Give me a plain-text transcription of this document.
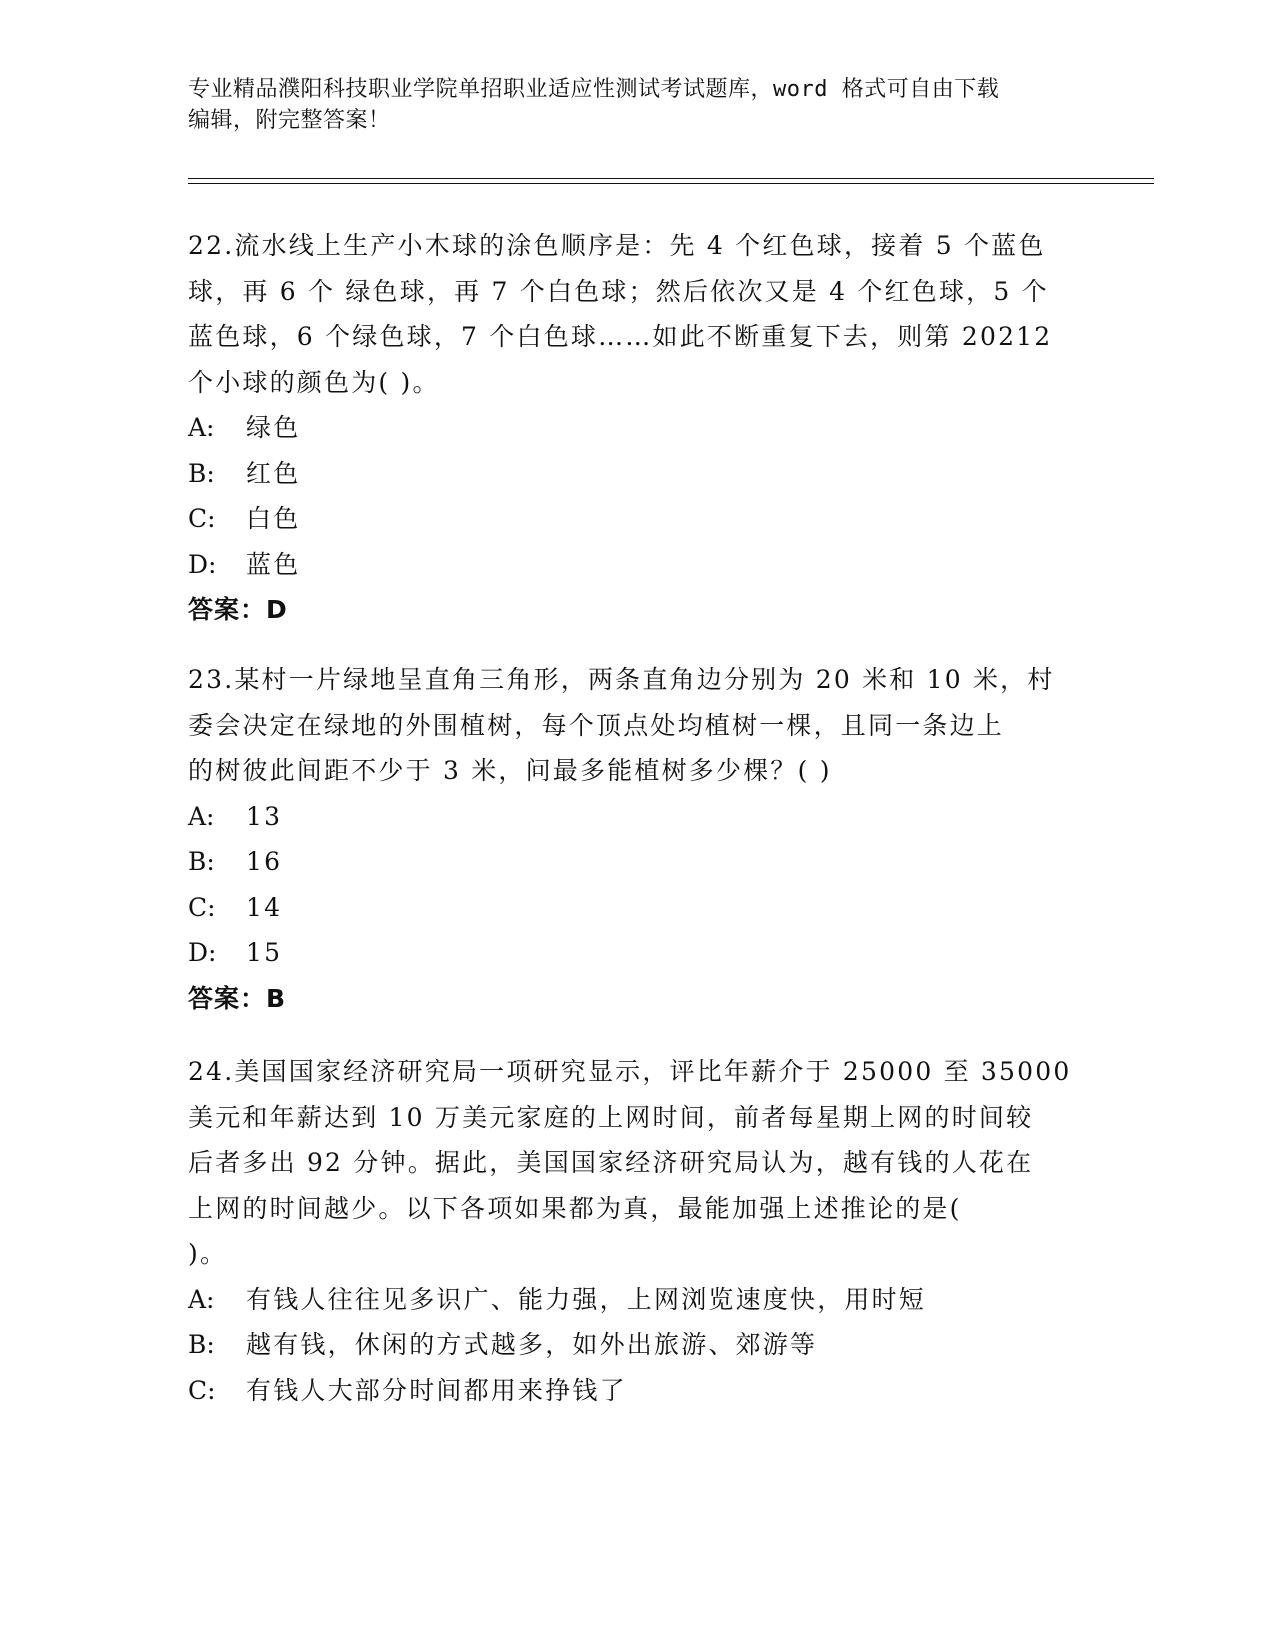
专业精品濮阳科技职业学院单招职业适应性测试考试题库，word 格式可自由下载
编辑，附完整答案！
22.流水线上生产小木球的涂色顺序是：先 4 个红色球，接着 5 个蓝色
球，再 6 个 绿色球，再 7 个白色球；然后依次又是 4 个红色球，5 个
蓝色球，6 个绿色球，7 个白色球……如此不断重复下去，则第 20212
个小球的颜色为( )。
A: 绿色
B: 红色
C: 白色
D: 蓝色
答案：D
23.某村一片绿地呈直角三角形，两条直角边分别为 20 米和 10 米，村
委会决定在绿地的外围植树，每个顶点处均植树一棵，且同一条边上
的树彼此间距不少于 3 米，问最多能植树多少棵？( )
A: 13
B: 16
C: 14
D: 15
答案：B
24.美国国家经济研究局一项研究显示，评比年薪介于 25000 至 35000
美元和年薪达到 10 万美元家庭的上网时间，前者每星期上网的时间较
后者多出 92 分钟。据此，美国国家经济研究局认为，越有钱的人花在
上网的时间越少。以下各项如果都为真，最能加强上述推论的是(
)。
A: 有钱人往往见多识广、能力强，上网浏览速度快，用时短
B: 越有钱，休闲的方式越多，如外出旅游、郊游等
C: 有钱人大部分时间都用来挣钱了
